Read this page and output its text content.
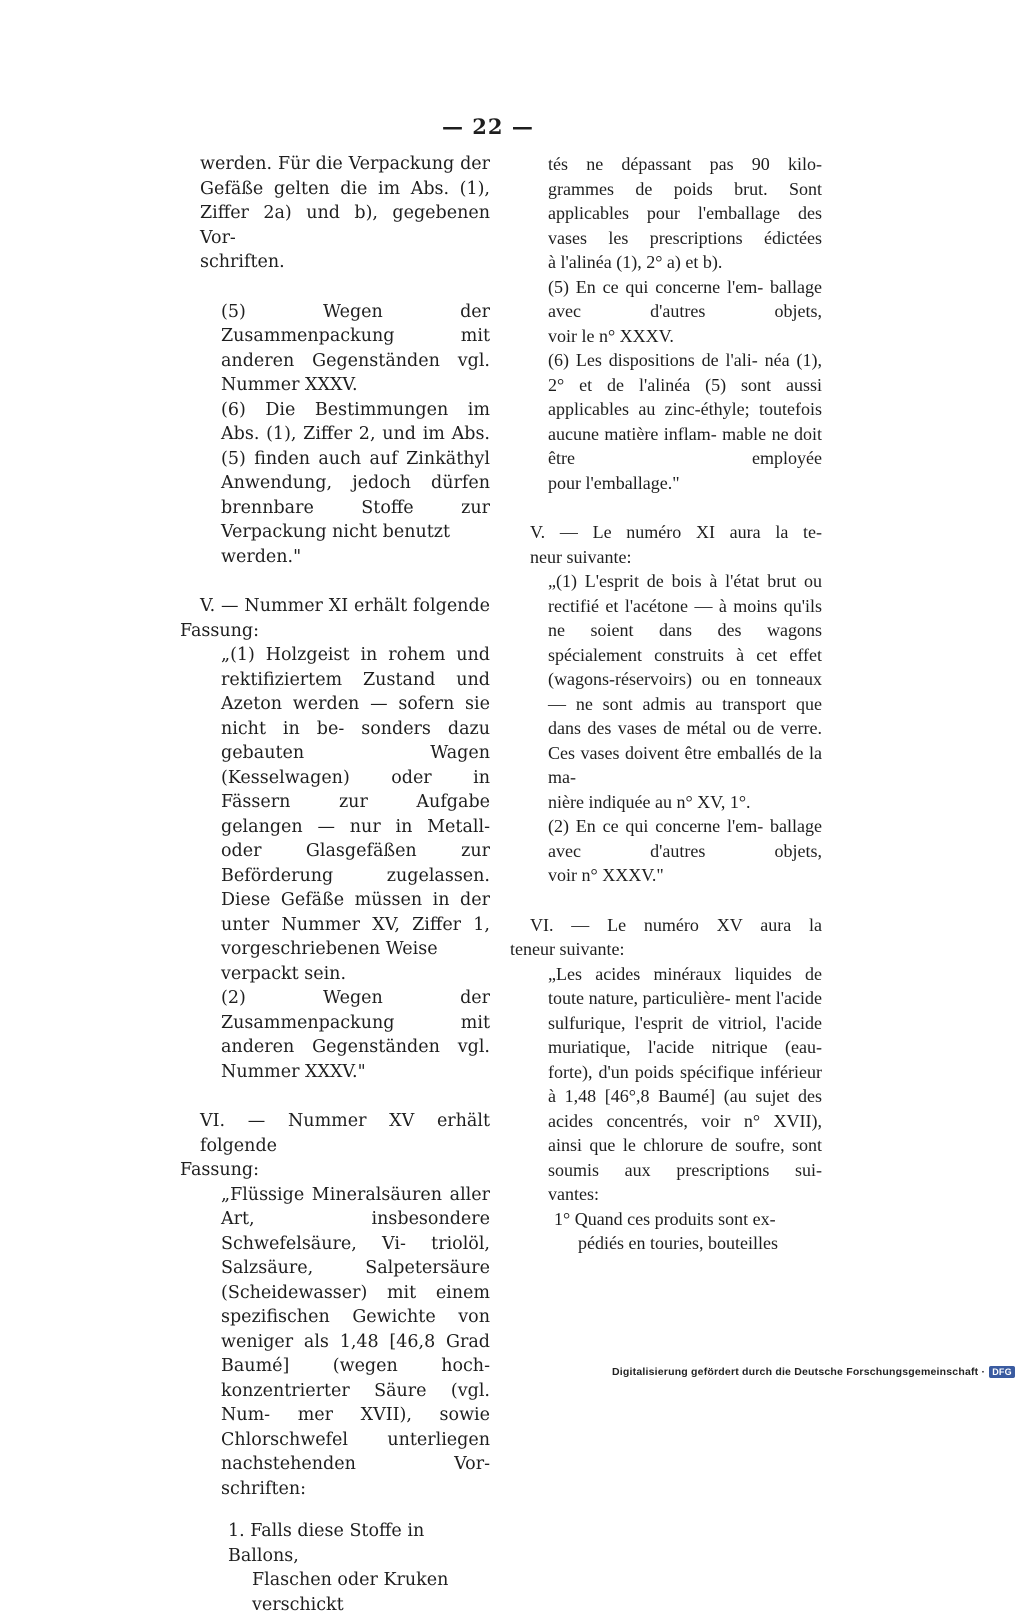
— 22 —

werden. Für die Verpackung der Gefäße gelten die im Abs. (1), Ziffer 2a) und b), gegebenen Vor-

schriften.

(5) Wegen der Zusammenpackung mit anderen Gegenständen vgl.

Nummer XXXV.

(6) Die Bestimmungen im Abs. (1), Ziffer 2, und im Abs. (5) finden auch auf Zinkäthyl Anwendung, jedoch dürfen brennbare Stoffe zur

Verpackung nicht benutzt werden."

V. — Nummer XI erhält folgende

Fassung:

„(1) Holzgeist in rohem und rektifiziertem Zustand und Azeton werden — sofern sie nicht in be- sonders dazu gebauten Wagen (Kesselwagen) oder in Fässern zur Aufgabe gelangen — nur in Metall- oder Glasgefäßen zur Beförderung zugelassen. Diese Gefäße müssen in der unter Nummer XV, Ziffer 1,

vorgeschriebenen Weise verpackt sein.

(2) Wegen der Zusammenpackung mit anderen Gegenständen vgl.

Nummer XXXV."

VI. — Nummer XV erhält folgende

Fassung:

„Flüssige Mineralsäuren aller Art, insbesondere Schwefelsäure, Vi- triolöl, Salzsäure, Salpetersäure (Scheidewasser) mit einem spezifischen Gewichte von weniger als 1,48 [46,8 Grad Baumé] (wegen hoch- konzentrierter Säure (vgl. Num- mer XVII), sowie Chlorschwefel unterliegen nachstehenden Vor-

schriften:

1. Falls diese Stoffe in Ballons,

Flaschen oder Kruken verschickt

tés ne dépassant pas 90 kilo- grammes de poids brut. Sont applicables pour l'emballage des vases les prescriptions édictées

à l'alinéa (1), 2° a) et b).

(5) En ce qui concerne l'em- ballage avec d'autres objets,

voir le n° XXXV.

(6) Les dispositions de l'ali- néa (1), 2° et de l'alinéa (5) sont aussi applicables au zinc-éthyle; toutefois aucune matière inflam- mable ne doit être employée

pour l'emballage."

V. — Le numéro XI aura la te-

neur suivante:

„(1) L'esprit de bois à l'état brut ou rectifié et l'acétone — à moins qu'ils ne soient dans des wagons spécialement construits à cet effet (wagons-réservoirs) ou en tonneaux — ne sont admis au transport que dans des vases de métal ou de verre. Ces vases doivent être emballés de la ma-

nière indiquée au n° XV, 1°.

(2) En ce qui concerne l'em- ballage avec d'autres objets,

voir n° XXXV."

VI. — Le numéro XV aura la

teneur suivante:

„Les acides minéraux liquides de toute nature, particulière- ment l'acide sulfurique, l'esprit de vitriol, l'acide muriatique, l'acide nitrique (eau-forte), d'un poids spécifique inférieur à 1,48 [46°,8 Baumé] (au sujet des acides concentrés, voir n° XVII), ainsi que le chlorure de soufre, sont soumis aux prescriptions sui-

vantes:

1° Quand ces produits sont ex-

pédiés en touries, bouteilles

Digitalisierung gefördert durch die Deutsche Forschungsgemeinschaft · DFG
